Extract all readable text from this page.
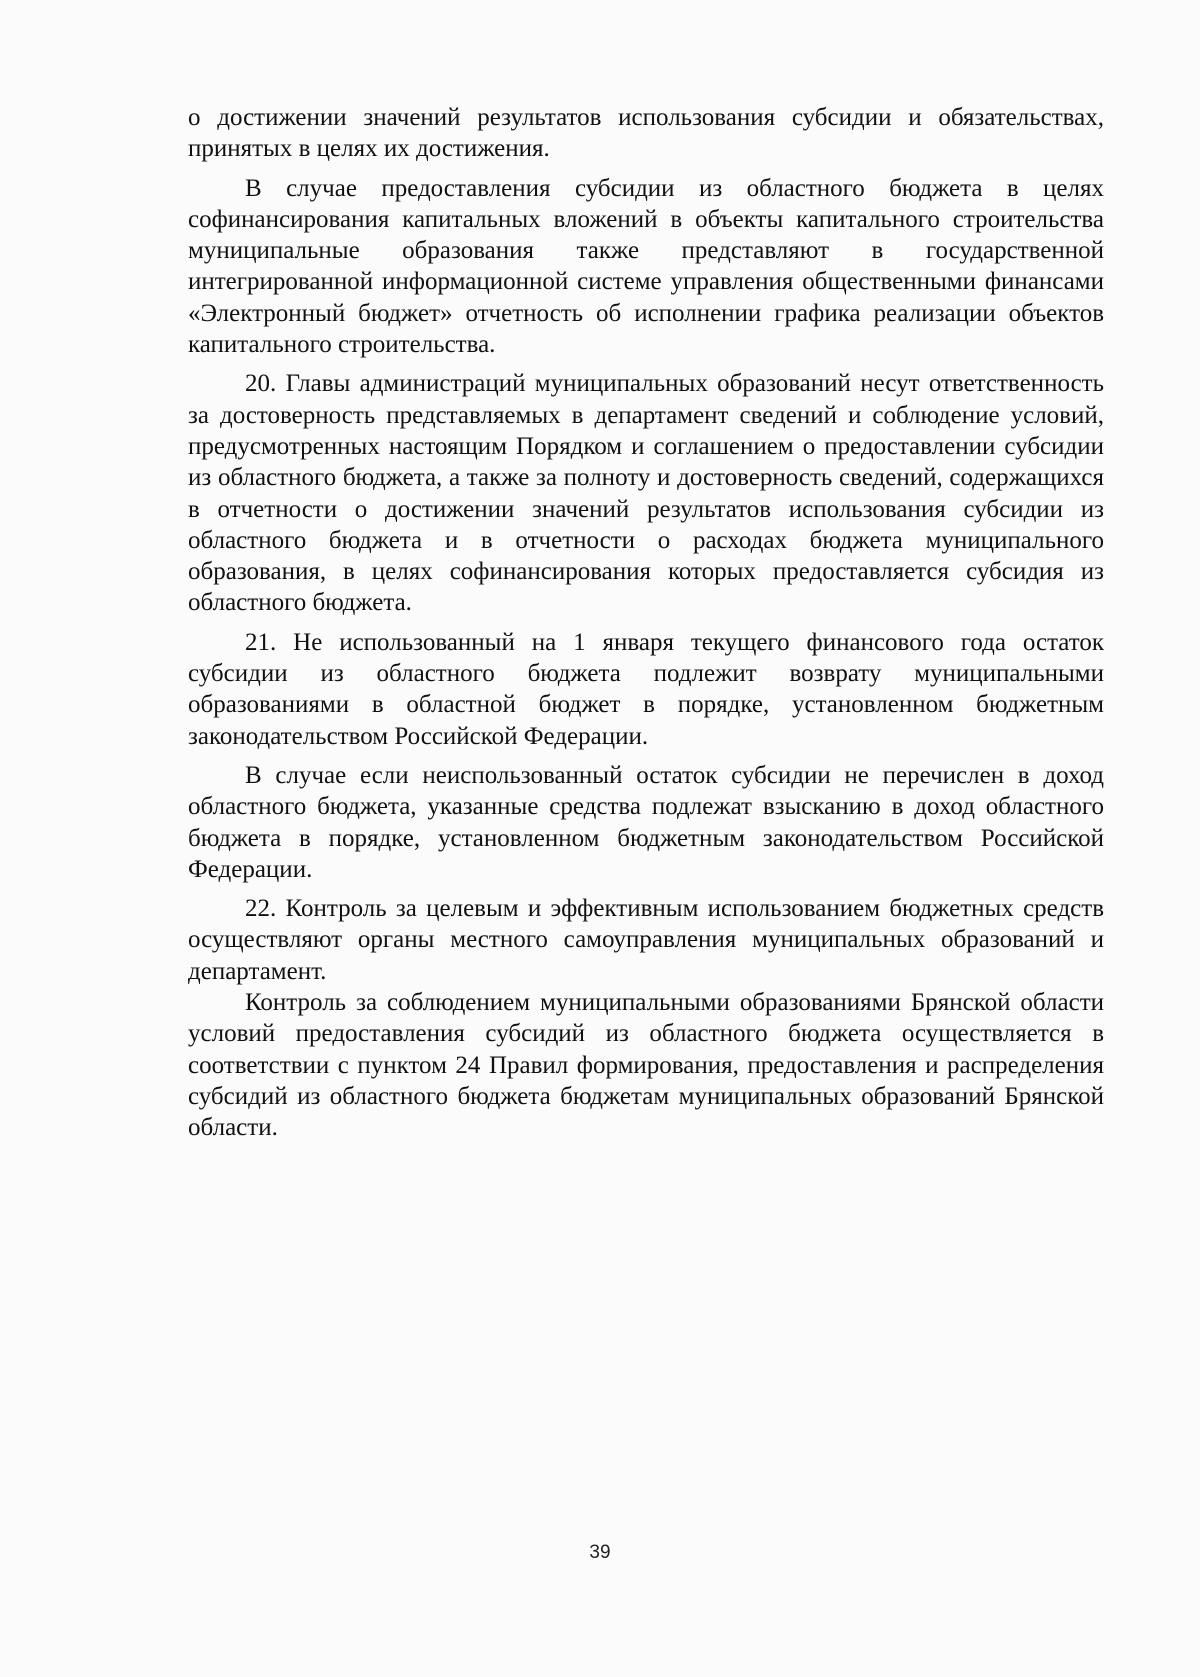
о достижении значений результатов использования субсидии и обязательствах, принятых в целях их достижения.

В случае предоставления субсидии из областного бюджета в целях софинансирования капитальных вложений в объекты капитального строительства муниципальные образования также представляют в государственной интегрированной информационной системе управления общественными финансами «Электронный бюджет» отчетность об исполнении графика реализации объектов капитального строительства.

20. Главы администраций муниципальных образований несут ответственность за достоверность представляемых в департамент сведений и соблюдение условий, предусмотренных настоящим Порядком и соглашением о предоставлении субсидии из областного бюджета, а также за полноту и достоверность сведений, содержащихся в отчетности о достижении значений результатов использования субсидии из областного бюджета и в отчетности о расходах бюджета муниципального образования, в целях софинансирования которых предоставляется субсидия из областного бюджета.

21. Не использованный на 1 января текущего финансового года остаток субсидии из областного бюджета подлежит возврату муниципальными образованиями в областной бюджет в порядке, установленном бюджетным законодательством Российской Федерации.

В случае если неиспользованный остаток субсидии не перечислен в доход областного бюджета, указанные средства подлежат взысканию в доход областного бюджета в порядке, установленном бюджетным законодательством Российской Федерации.

22. Контроль за целевым и эффективным использованием бюджетных средств осуществляют органы местного самоуправления муниципальных образований и департамент.

Контроль за соблюдением муниципальными образованиями Брянской области условий предоставления субсидий из областного бюджета осуществляется в соответствии с пунктом 24 Правил формирования, предоставления и распределения субсидий из областного бюджета бюджетам муниципальных образований Брянской области.

39
